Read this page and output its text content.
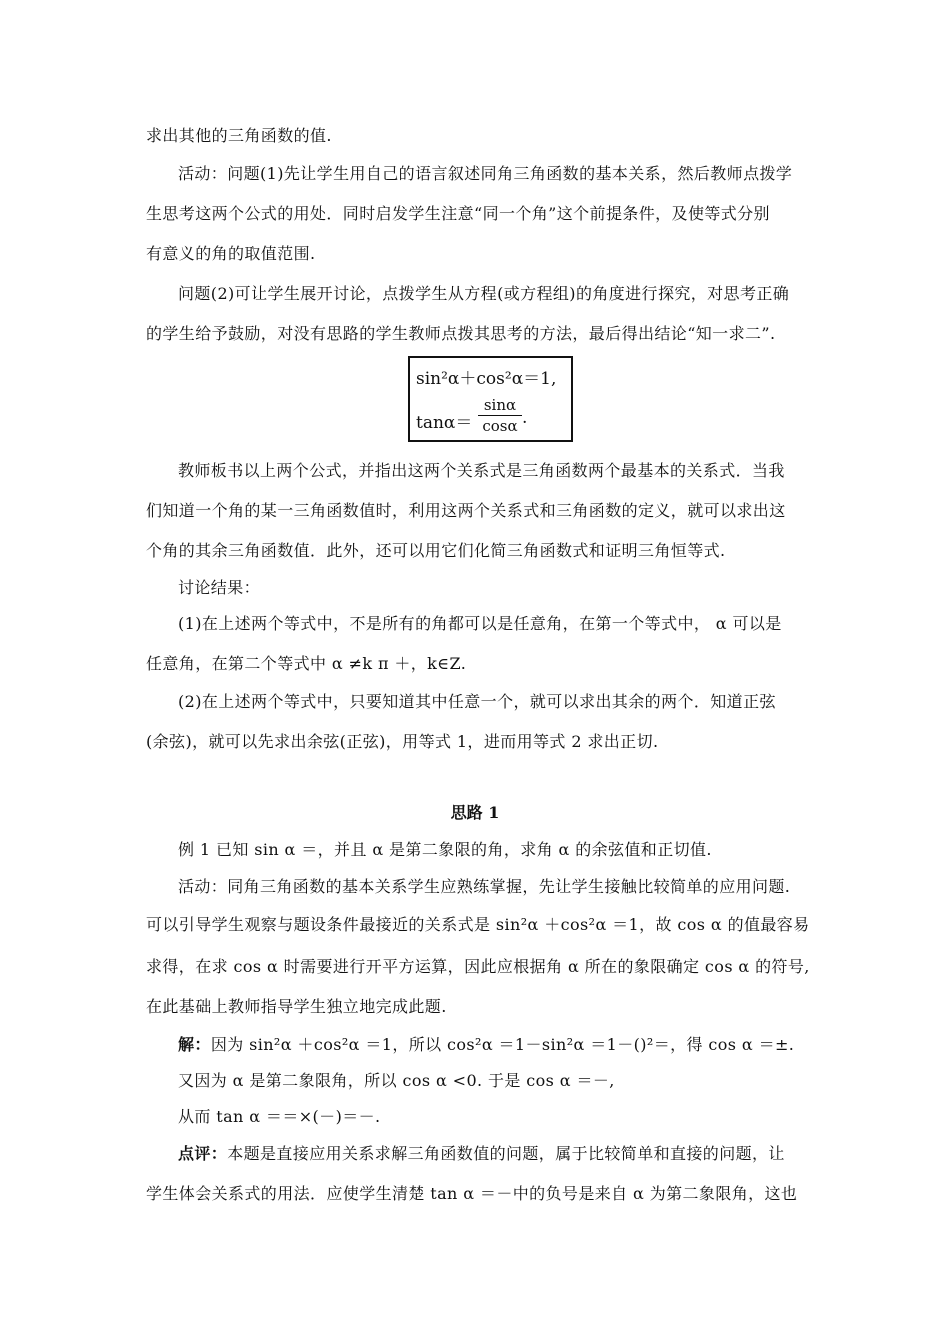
求出其他的三角函数的值.
活动：问题(1)先让学生用自己的语言叙述同角三角函数的基本关系，然后教师点拨学
生思考这两个公式的用处．同时启发学生注意“同一个角”这个前提条件，及使等式分别
有意义的角的取值范围.
问题(2)可让学生展开讨论，点拨学生从方程(或方程组)的角度进行探究，对思考正确
的学生给予鼓励，对没有思路的学生教师点拨其思考的方法，最后得出结论“知一求二”.
sin²α＋cos²α＝1,
tanα＝
sinα
cosα .
教师板书以上两个公式，并指出这两个关系式是三角函数两个最基本的关系式．当我
们知道一个角的某一三角函数值时，利用这两个关系式和三角函数的定义，就可以求出这
个角的其余三角函数值．此外，还可以用它们化简三角函数式和证明三角恒等式.
讨论结果：
(1)在上述两个等式中，不是所有的角都可以是任意角，在第一个等式中， α 可以是
任意角，在第二个等式中 α ≠k π ＋，k∈Z.
(2)在上述两个等式中，只要知道其中任意一个，就可以求出其余的两个．知道正弦
(余弦)，就可以先求出余弦(正弦)，用等式 1，进而用等式 2 求出正切.
思路 1
例 1 已知 sin α ＝，并且 α 是第二象限的角，求角 α 的余弦值和正切值.
活动：同角三角函数的基本关系学生应熟练掌握，先让学生接触比较简单的应用问题.
可以引导学生观察与题设条件最接近的关系式是 sin²α ＋cos²α ＝1，故 cos α 的值最容易
求得，在求 cos α 时需要进行开平方运算，因此应根据角 α 所在的象限确定 cos α 的符号,
在此基础上教师指导学生独立地完成此题.
解：因为 sin²α ＋cos²α ＝1，所以 cos²α ＝1－sin²α ＝1－()²＝，得 cos α ＝±.
又因为 α 是第二象限角，所以 cos α <0. 于是 cos α ＝－,
从而 tan α ＝＝×(－)＝－.
点评：本题是直接应用关系求解三角函数值的问题，属于比较简单和直接的问题，让
学生体会关系式的用法．应使学生清楚 tan α ＝－中的负号是来自 α 为第二象限角，这也
